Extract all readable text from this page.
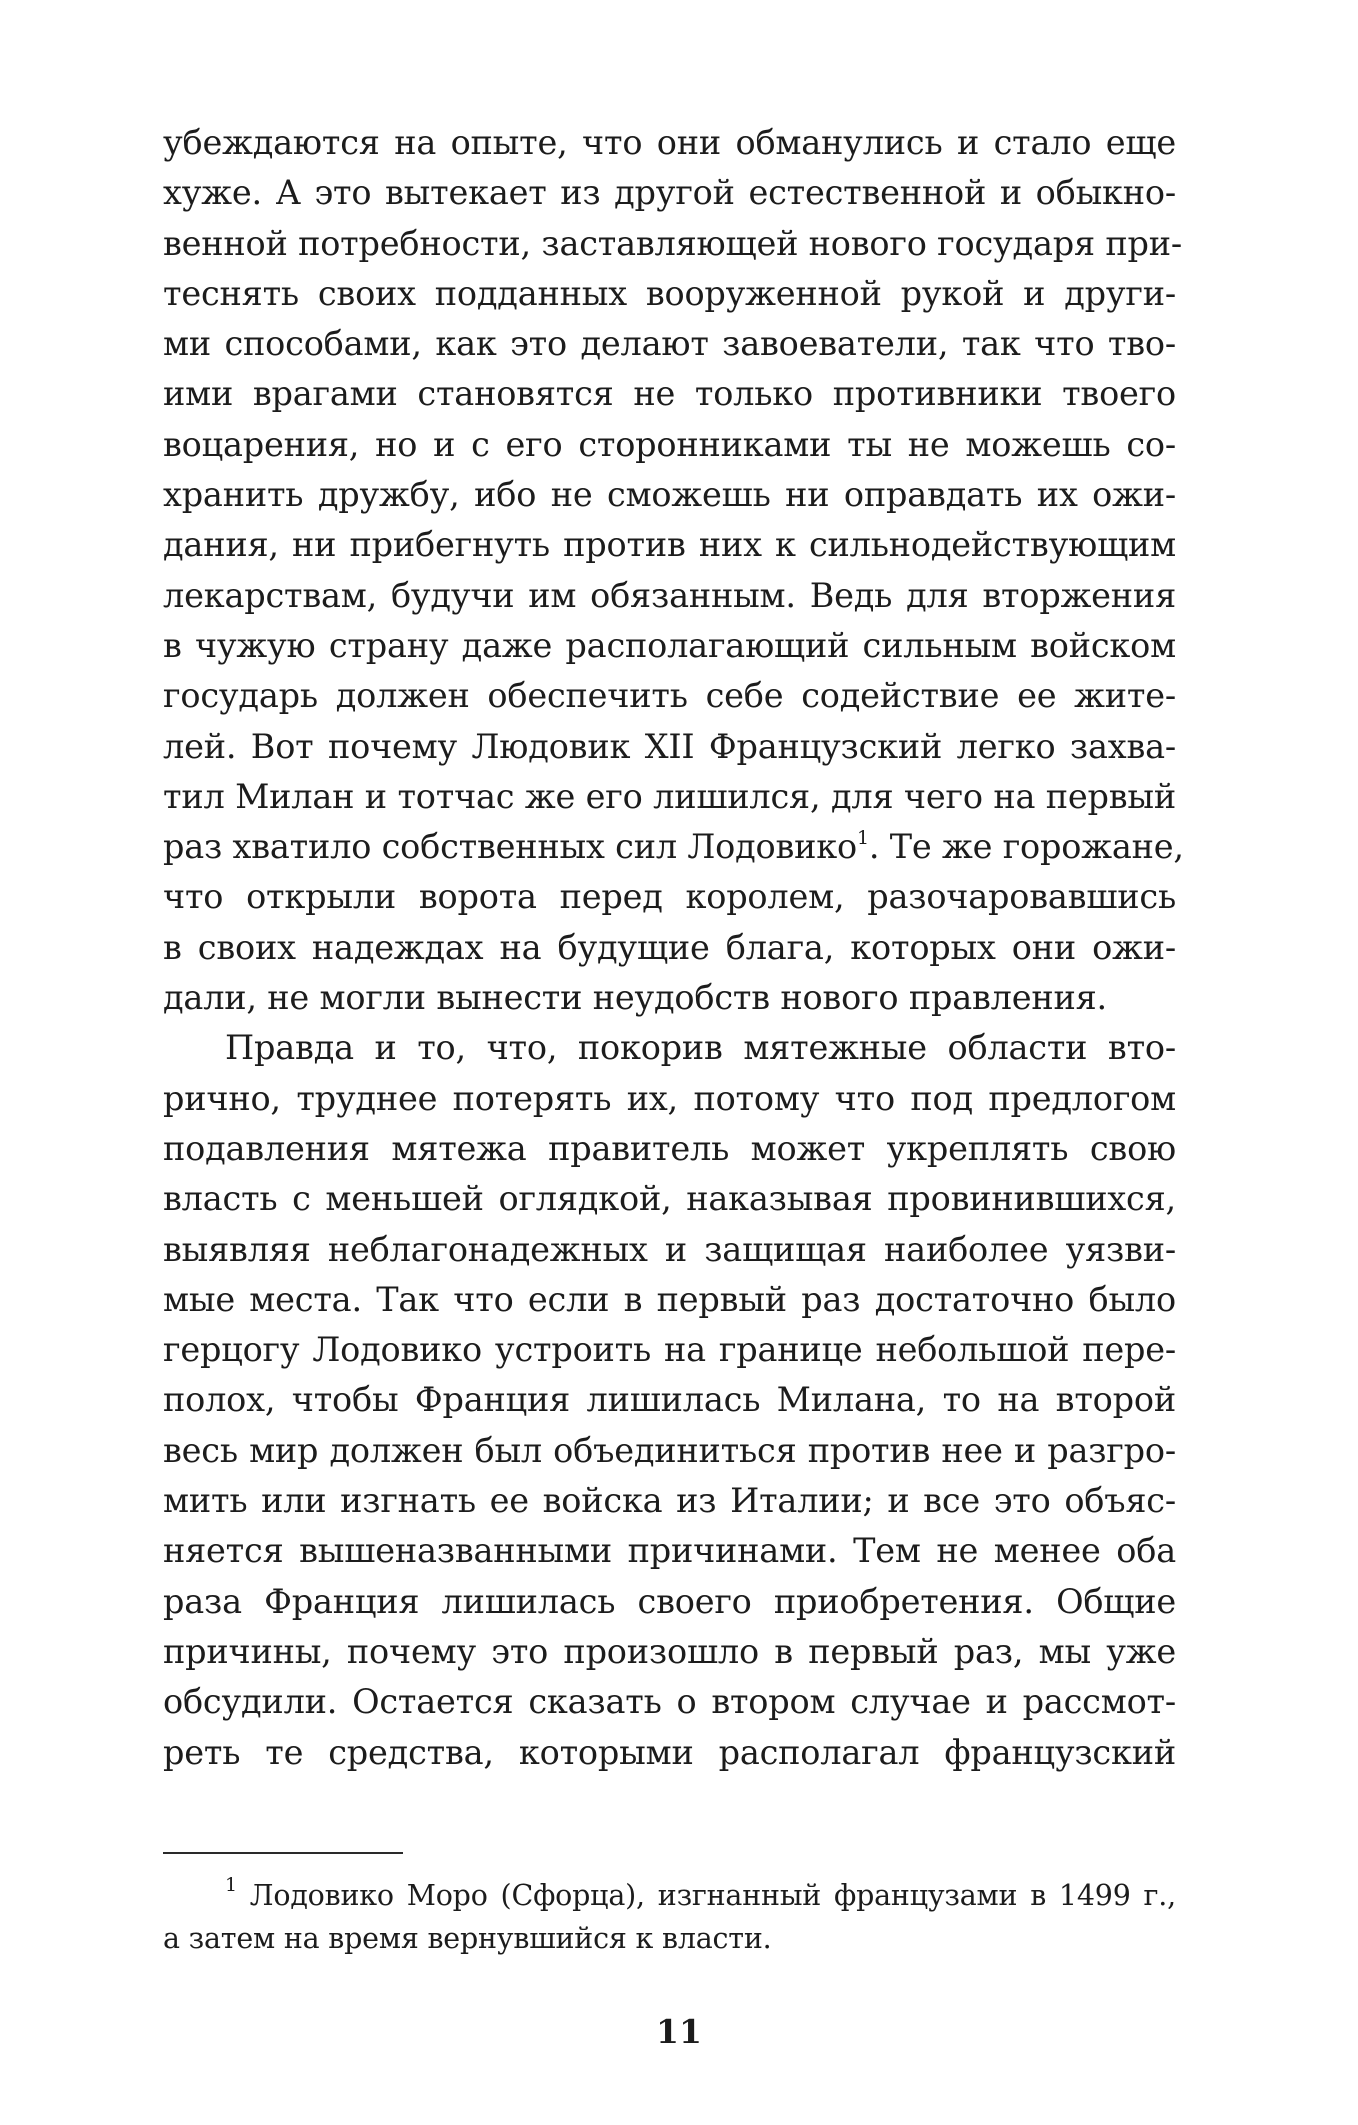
убеждаются на опыте, что они обманулись и стало еще
хуже. А это вытекает из другой естественной и обыкно-
венной потребности, заставляющей нового государя при-
теснять своих подданных вооруженной рукой и други-
ми способами, как это делают завоеватели, так что тво-
ими врагами становятся не только противники твоего
воцарения, но и с его сторонниками ты не можешь со-
хранить дружбу, ибо не сможешь ни оправдать их ожи-
дания, ни прибегнуть против них к сильнодействующим
лекарствам, будучи им обязанным. Ведь для вторжения
в чужую страну даже располагающий сильным войском
государь должен обеспечить себе содействие ее жите-
лей. Вот почему Людовик XII Французский легко захва-
тил Милан и тотчас же его лишился, для чего на первый
раз хватило собственных сил Лодовико$^1$. Те же горожане,
что открыли ворота перед королем, разочаровавшись
в своих надеждах на будущие блага, которых они ожи-
дали, не могли вынести неудобств нового правления.
Правда и то, что, покорив мятежные области вто-
рично, труднее потерять их, потому что под предлогом
подавления мятежа правитель может укреплять свою
власть с меньшей оглядкой, наказывая провинившихся,
выявляя неблагонадежных и защищая наиболее уязви-
мые места. Так что если в первый раз достаточно было
герцогу Лодовико устроить на границе небольшой пере-
полох, чтобы Франция лишилась Милана, то на второй
весь мир должен был объединиться против нее и разгро-
мить или изгнать ее войска из Италии; и все это объяс-
няется вышеназванными причинами. Тем не менее оба
раза Франция лишилась своего приобретения. Общие
причины, почему это произошло в первый раз, мы уже
обсудили. Остается сказать о втором случае и рассмот-
реть те средства, которыми располагал французский
$^1$ Лодовико Моро (Сфорца), изгнанный французами в 1499 г.,
а затем на время вернувшийся к власти.
11
